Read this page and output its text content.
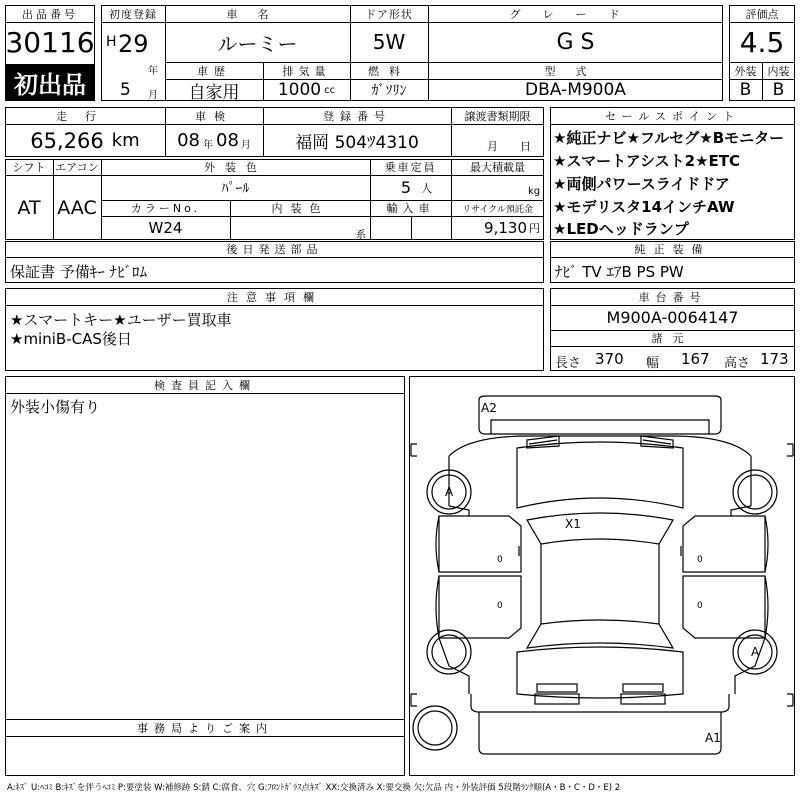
出品番号
30116
初出品
初度登録
H 29
年
5 月
車名
ルーミー
ドア形状
5W
グレード
G S
車歴
自家用
排気量
1000 cc
燃料
ｶﾞｿﾘﾝ
型式
DBA-M900A
評価点
4.5
外装	内装
B	B
走行
65,266 km
車検
08 年 08 月
登録番号
福岡 504ﾂ4310
譲渡書類期限
月 日
シフト
AT
エアコン
AAC
外装色
ﾊﾟｰﾙ
乗車定員
5 人
最大積載量
kg
カラーNo.
W24
内装色
系
輸入車	リサイクル預託金
9,130 円
セールスポイント
★純正ナビ★フルセグ★Bモニター
★スマートアシスト2★ETC
★両側パワースライドドア
★モデリスタ14インチAW
★LEDヘッドランプ
後日発送部品
保証書 予備ｷｰ ﾅﾋﾞﾛﾑ
純正装備
ﾅﾋﾞ TV ｴｱB PS PW
注意事項欄
★スマートキー★ユーザー買取車
★miniB-CAS後日
車台番号
M900A-0064147
諸元
長さ 370 幅 167 高さ 173
検査員記入欄
外装小傷有り
事務局よりご案内
A2
A
X1
A
A1
0
0
0
0
A:ｷｽﾞ U:ﾍｺﾐ B:ｷｽﾞを伴うﾍｺﾐ P:要塗装 W:補修跡 S:錆 C:腐食、穴 G:ﾌﾛﾝﾄｶﾞﾗｽ点ｷｽﾞ XX:交換済み X:要交換 欠:欠品 内・外装評価 5段階ﾗﾝｸ順(A・B・C・D・E) 2
